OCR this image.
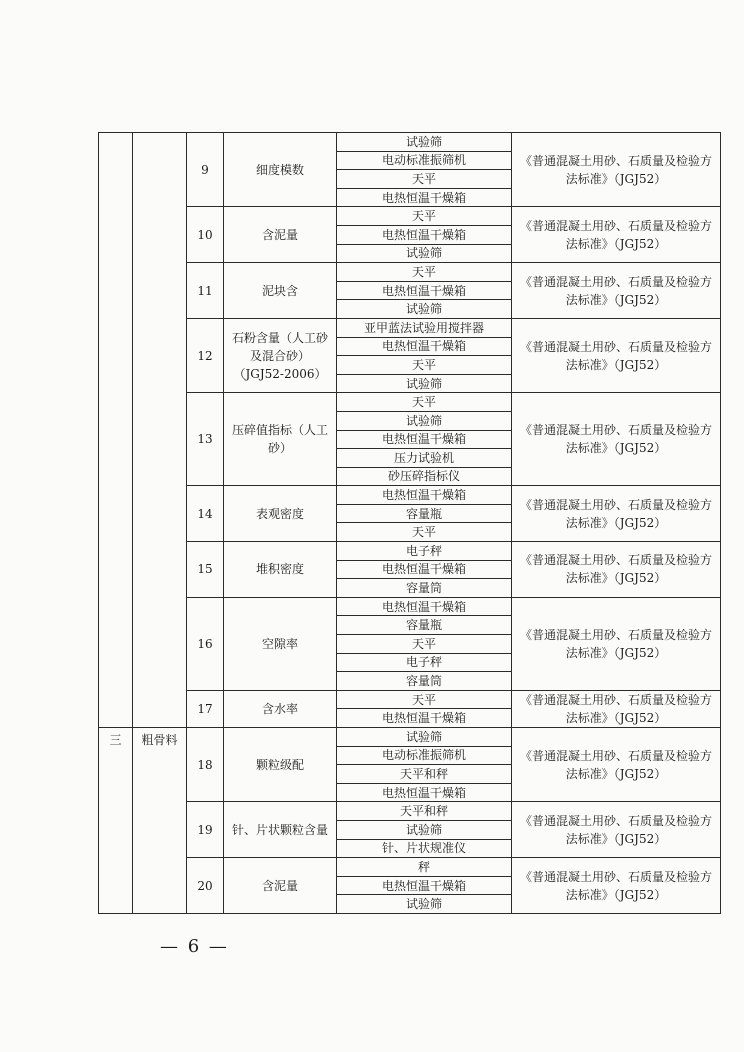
		9	细度模数	试验筛	《普通混凝土用砂、石质量及检验方法标准》（JGJ52）
				电动标准振筛机	
				天平	
				电热恒温干燥箱	
		10	含泥量	天平	《普通混凝土用砂、石质量及检验方法标准》（JGJ52）
				电热恒温干燥箱	
				试验筛	
		11	泥块含	天平	《普通混凝土用砂、石质量及检验方法标准》（JGJ52）
				电热恒温干燥箱	
				试验筛	
		12	石粉含量（人工砂及混合砂）（JGJ52-2006）	亚甲蓝法试验用搅拌器	《普通混凝土用砂、石质量及检验方法标准》（JGJ52）
				电热恒温干燥箱	
				天平	
				试验筛	
		13	压碎值指标（人工砂）	天平	《普通混凝土用砂、石质量及检验方法标准》（JGJ52）
				试验筛	
				电热恒温干燥箱	
				压力试验机	
				砂压碎指标仪	
		14	表观密度	电热恒温干燥箱	《普通混凝土用砂、石质量及检验方法标准》（JGJ52）
				容量瓶	
				天平	
		15	堆积密度	电子秤	《普通混凝土用砂、石质量及检验方法标准》（JGJ52）
				电热恒温干燥箱	
				容量筒	
		16	空隙率	电热恒温干燥箱	《普通混凝土用砂、石质量及检验方法标准》（JGJ52）
				容量瓶	
				天平	
				电子秤	
				容量筒	
		17	含水率	天平	《普通混凝土用砂、石质量及检验方法标准》（JGJ52）
				电热恒温干燥箱	
三	粗骨料	18	颗粒级配	试验筛	《普通混凝土用砂、石质量及检验方法标准》（JGJ52）
				电动标准振筛机	
				天平和秤	
				电热恒温干燥箱	
		19	针、片状颗粒含量	天平和秤	《普通混凝土用砂、石质量及检验方法标准》（JGJ52）
				试验筛	
				针、片状规准仪	
		20	含泥量	秤	《普通混凝土用砂、石质量及检验方法标准》（JGJ52）
				电热恒温干燥箱	
				试验筛	
— 6 —
